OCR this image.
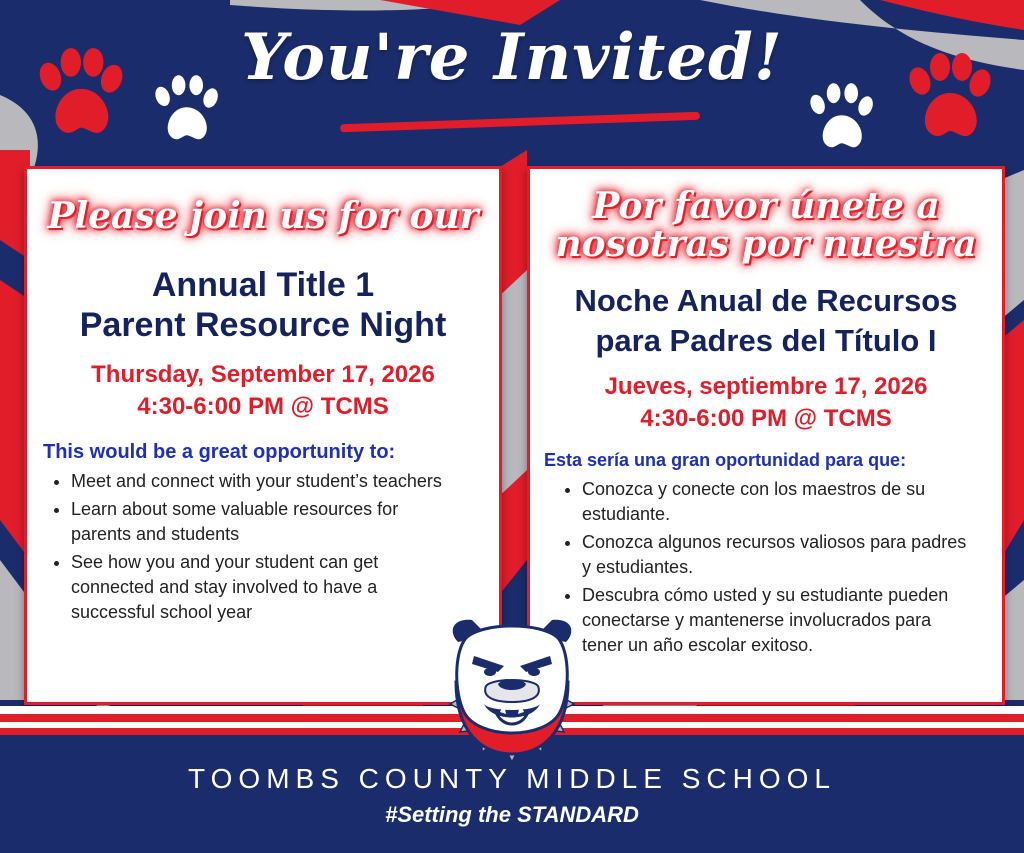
You're Invited!
Please join us for our
Annual Title 1
Parent Resource Night
Thursday, September 17, 2026
4:30-6:00 PM @ TCMS
This would be a great opportunity to:
• Meet and connect with your student’s teachers
• Learn about some valuable resources for parents and students
• See how you and your student can get connected and stay involved to have a successful school year
Por favor únete a
nosotras por nuestra
Noche Anual de Recursos
para Padres del Título I
Jueves, septiembre 17, 2026
4:30-6:00 PM @ TCMS
Esta sería una gran oportunidad para que:
• Conozca y conecte con los maestros de su estudiante.
• Conozca algunos recursos valiosos para padres y estudiantes.
• Descubra cómo usted y su estudiante pueden conectarse y mantenerse involucrados para tener un año escolar exitoso.
TOOMBS COUNTY MIDDLE SCHOOL
#Setting the STANDARD
